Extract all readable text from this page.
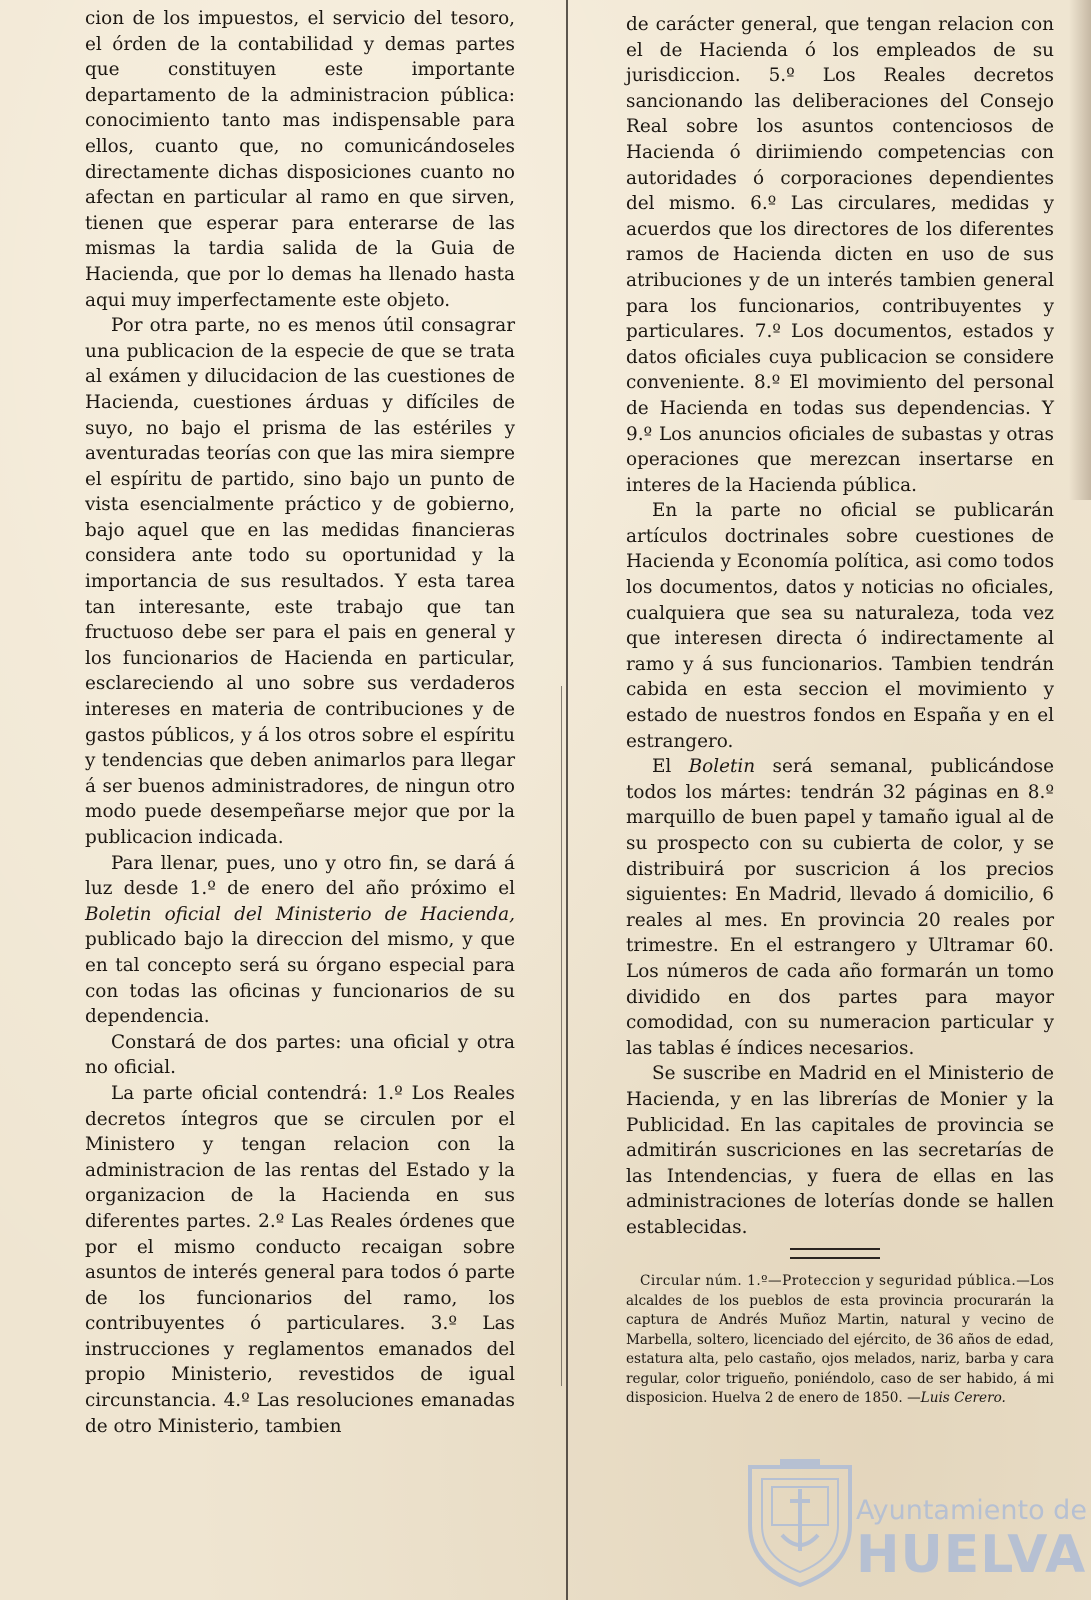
cion de los impuestos, el servicio del tesoro, el órden de la contabilidad y demas partes que constituyen este importante departamento de la administracion pública: conocimiento tanto mas indispensable para ellos, cuanto que, no comunicándoseles directamente dichas disposiciones cuanto no afectan en particular al ramo en que sirven, tienen que esperar para enterarse de las mismas la tardia salida de la Guia de Hacienda, que por lo demas ha llenado hasta aqui muy imperfectamente este objeto.

Por otra parte, no es menos útil consagrar una publicacion de la especie de que se trata al exámen y dilucidacion de las cuestiones de Hacienda, cuestiones árduas y difíciles de suyo, no bajo el prisma de las estériles y aventuradas teorías con que las mira siempre el espíritu de partido, sino bajo un punto de vista esencialmente práctico y de gobierno, bajo aquel que en las medidas financieras considera ante todo su oportunidad y la importancia de sus resultados. Y esta tarea tan interesante, este trabajo que tan fructuoso debe ser para el pais en general y los funcionarios de Hacienda en particular, esclareciendo al uno sobre sus verdaderos intereses en materia de contribuciones y de gastos públicos, y á los otros sobre el espíritu y tendencias que deben animarlos para llegar á ser buenos administradores, de ningun otro modo puede desempeñarse mejor que por la publicacion indicada.

Para llenar, pues, uno y otro fin, se dará á luz desde 1.º de enero del año próximo el Boletin oficial del Ministerio de Hacienda, publicado bajo la direccion del mismo, y que en tal concepto será su órgano especial para con todas las oficinas y funcionarios de su dependencia.

Constará de dos partes: una oficial y otra no oficial.

La parte oficial contendrá: 1.º Los Reales decretos íntegros que se circulen por el Ministero y tengan relacion con la administracion de las rentas del Estado y la organizacion de la Hacienda en sus diferentes partes. 2.º Las Reales órdenes que por el mismo conducto recaigan sobre asuntos de interés general para todos ó parte de los funcionarios del ramo, los contribuyentes ó particulares. 3.º Las instrucciones y reglamentos emanados del propio Ministerio, revestidos de igual circunstancia. 4.º Las resoluciones emanadas de otro Ministerio, tambien

de carácter general, que tengan relacion con el de Hacienda ó los empleados de su jurisdiccion. 5.º Los Reales decretos sancionando las deliberaciones del Consejo Real sobre los asuntos contenciosos de Hacienda ó diriimiendo competencias con autoridades ó corporaciones dependientes del mismo. 6.º Las circulares, medidas y acuerdos que los directores de los diferentes ramos de Hacienda dicten en uso de sus atribuciones y de un interés tambien general para los funcionarios, contribuyentes y particulares. 7.º Los documentos, estados y datos oficiales cuya publicacion se considere conveniente. 8.º El movimiento del personal de Hacienda en todas sus dependencias. Y 9.º Los anuncios oficiales de subastas y otras operaciones que merezcan insertarse en interes de la Hacienda pública.

En la parte no oficial se publicarán artículos doctrinales sobre cuestiones de Hacienda y Economía política, asi como todos los documentos, datos y noticias no oficiales, cualquiera que sea su naturaleza, toda vez que interesen directa ó indirectamente al ramo y á sus funcionarios. Tambien tendrán cabida en esta seccion el movimiento y estado de nuestros fondos en España y en el estrangero.

El Boletin será semanal, publicándose todos los mártes: tendrán 32 páginas en 8.º marquillo de buen papel y tamaño igual al de su prospecto con su cubierta de color, y se distribuirá por suscricion á los precios siguientes: En Madrid, llevado á domicilio, 6 reales al mes. En provincia 20 reales por trimestre. En el estrangero y Ultramar 60. Los números de cada año formarán un tomo dividido en dos partes para mayor comodidad, con su numeracion particular y las tablas é índices necesarios.

Se suscribe en Madrid en el Ministerio de Hacienda, y en las librerías de Monier y la Publicidad. En las capitales de provincia se admitirán suscriciones en las secretarías de las Intendencias, y fuera de ellas en las administraciones de loterías donde se hallen establecidas.

Circular núm. 1.º—Proteccion y seguridad pública.—Los alcaldes de los pueblos de esta provincia procurarán la captura de Andrés Muñoz Martin, natural y vecino de Marbella, soltero, licenciado del ejército, de 36 años de edad, estatura alta, pelo castaño, ojos melados, nariz, barba y cara regular, color trigueño, poniéndolo, caso de ser habido, á mi disposicion. Huelva 2 de enero de 1850. —Luis Cerero.

Ayuntamiento de
HUELVA
